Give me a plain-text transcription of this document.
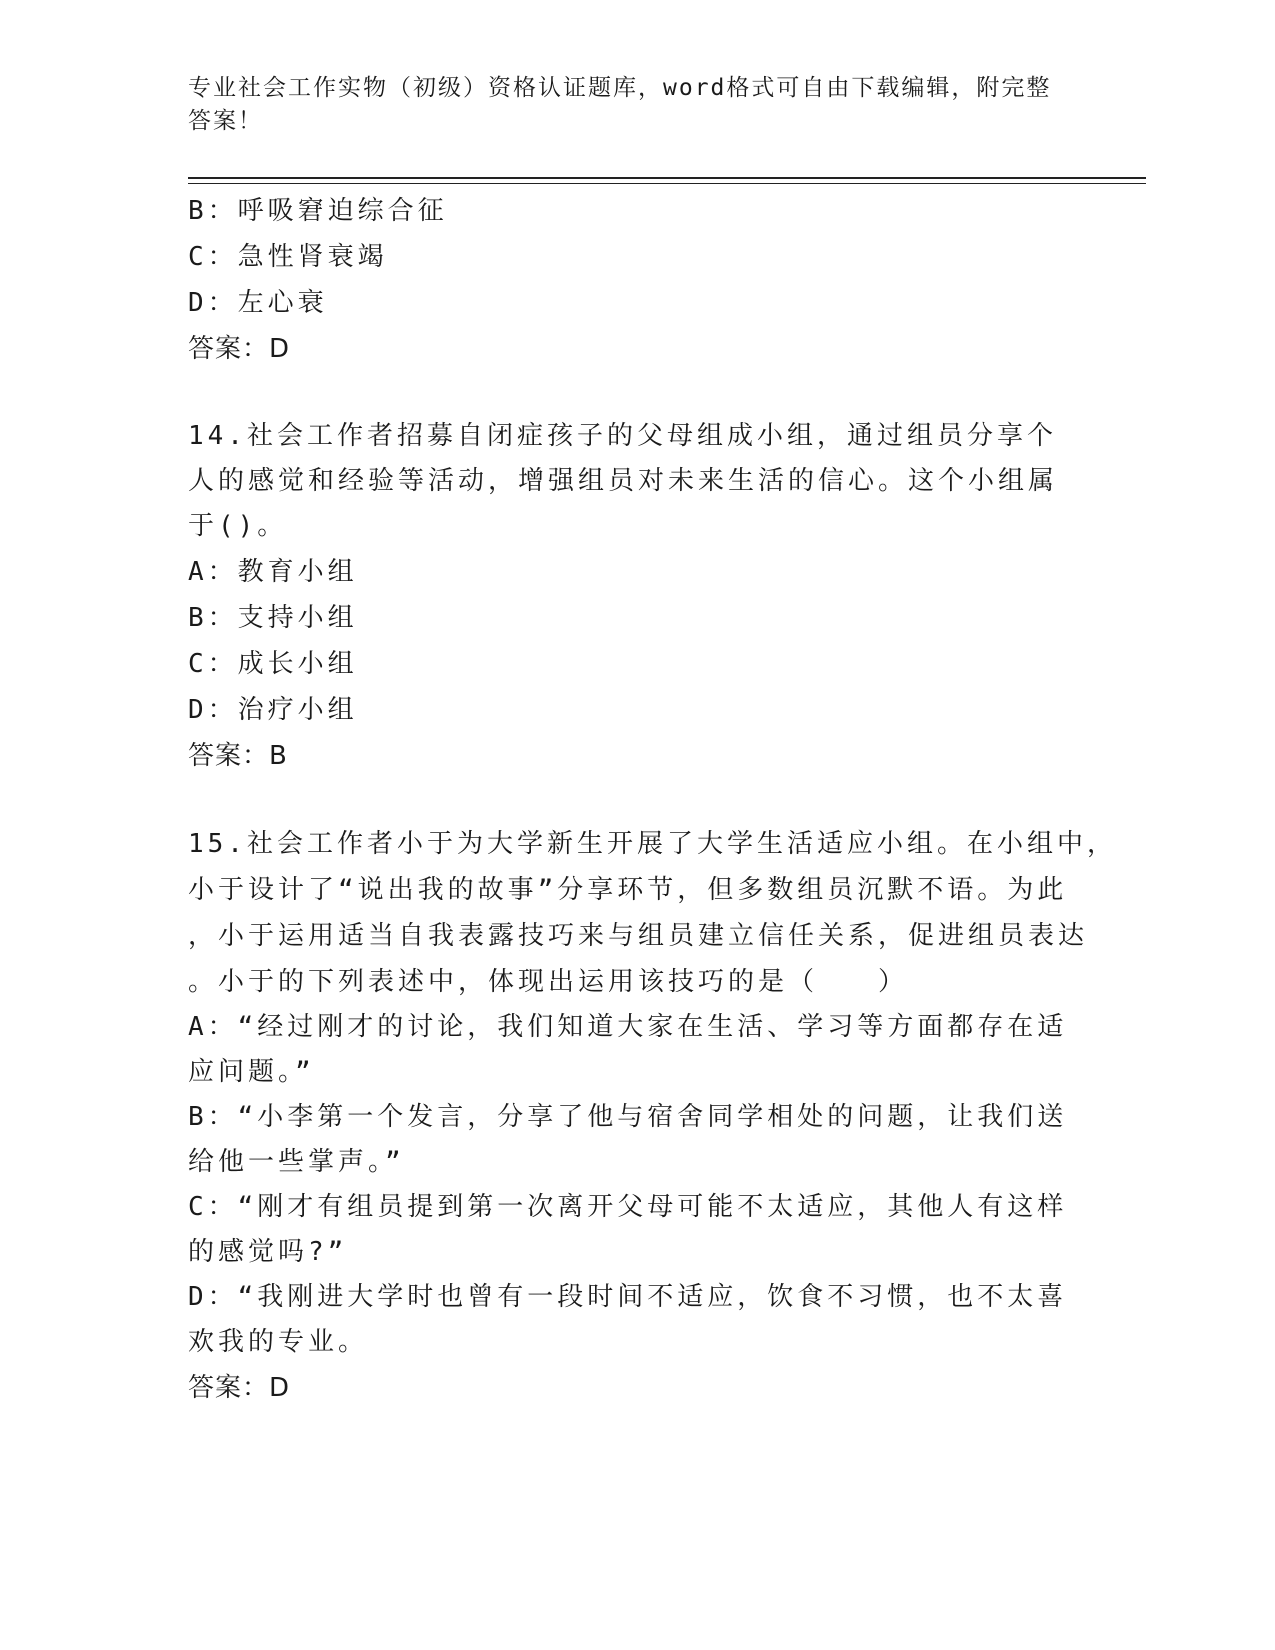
专业社会工作实物（初级）资格认证题库，word格式可自由下载编辑，附完整答案！
B：呼吸窘迫综合征
C：急性肾衰竭
D：左心衰
答案：D
14.社会工作者招募自闭症孩子的父母组成小组，通过组员分享个人的感觉和经验等活动，增强组员对未来生活的信心。这个小组属于()。
A：教育小组
B：支持小组
C：成长小组
D：治疗小组
答案：B
15.社会工作者小于为大学新生开展了大学生活适应小组。在小组中，
小于设计了“说出我的故事”分享环节，但多数组员沉默不语。为此
，小于运用适当自我表露技巧来与组员建立信任关系，促进组员表达
。小于的下列表述中，体现出运用该技巧的是（　　）
A：“经过刚才的讨论，我们知道大家在生活、学习等方面都存在适应问题。”
B：“小李第一个发言，分享了他与宿舍同学相处的问题，让我们送给他一些掌声。”
C：“刚才有组员提到第一次离开父母可能不太适应，其他人有这样的感觉吗?”
D：“我刚进大学时也曾有一段时间不适应，饮食不习惯，也不太喜欢我的专业。
答案：D
